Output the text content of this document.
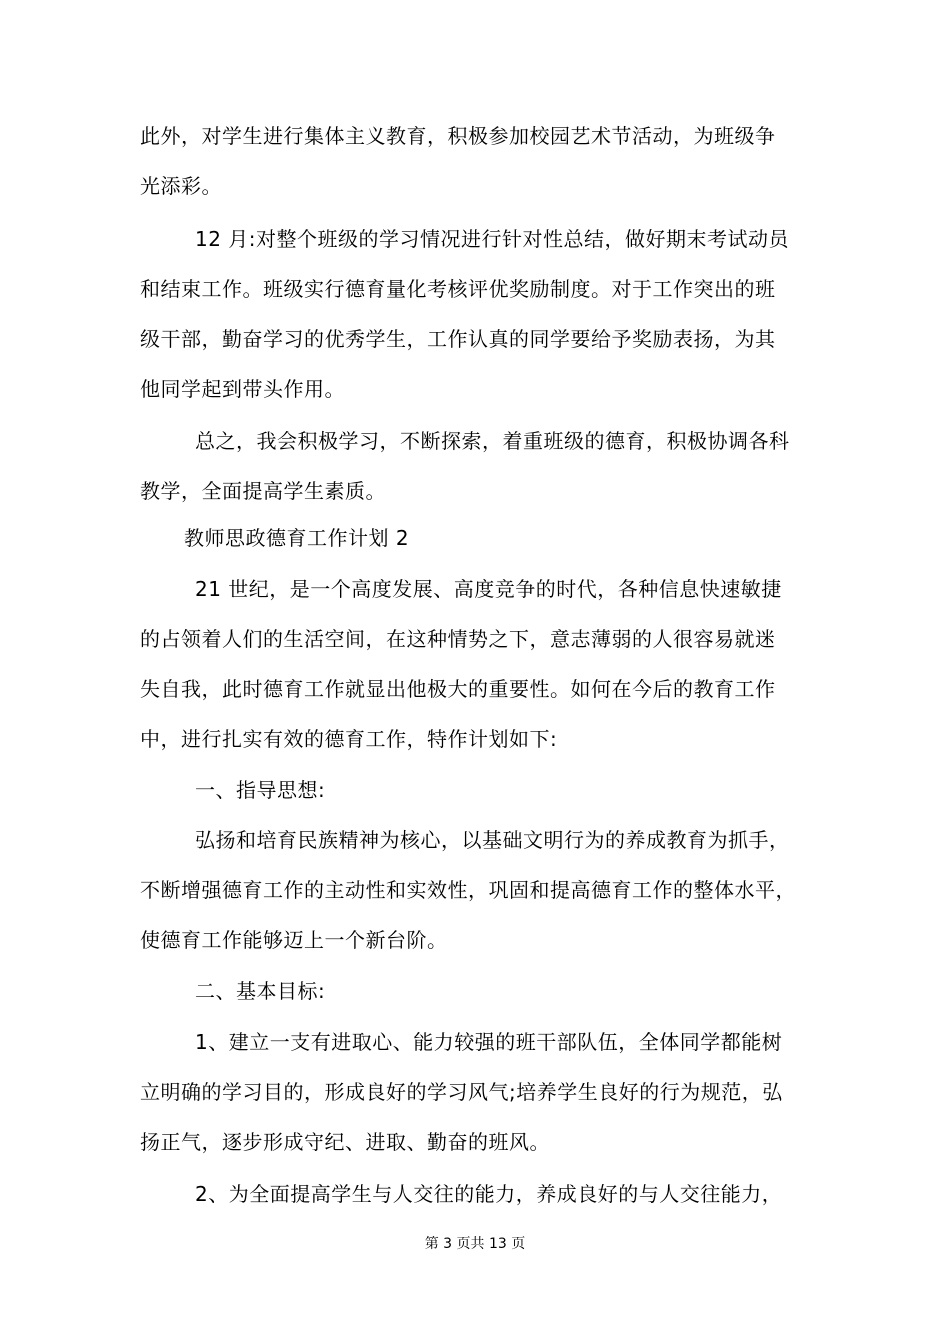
此外，对学生进行集体主义教育，积极参加校园艺术节活动，为班级争
光添彩。
12 月:对整个班级的学习情况进行针对性总结，做好期末考试动员
和结束工作。班级实行德育量化考核评优奖励制度。对于工作突出的班
级干部，勤奋学习的优秀学生，工作认真的同学要给予奖励表扬，为其
他同学起到带头作用。
总之，我会积极学习，不断探索，着重班级的德育，积极协调各科
教学，全面提高学生素质。
教师思政德育工作计划 2
21 世纪，是一个高度发展、高度竞争的时代，各种信息快速敏捷
的占领着人们的生活空间，在这种情势之下，意志薄弱的人很容易就迷
失自我，此时德育工作就显出他极大的重要性。如何在今后的教育工作
中，进行扎实有效的德育工作，特作计划如下:
一、指导思想:
弘扬和培育民族精神为核心，以基础文明行为的养成教育为抓手，
不断增强德育工作的主动性和实效性，巩固和提高德育工作的整体水平，
使德育工作能够迈上一个新台阶。
二、基本目标:
1、建立一支有进取心、能力较强的班干部队伍，全体同学都能树
立明确的学习目的，形成良好的学习风气;培养学生良好的行为规范，弘
扬正气，逐步形成守纪、进取、勤奋的班风。
2、为全面提高学生与人交往的能力，养成良好的与人交往能力，
第 3 页共 13 页
